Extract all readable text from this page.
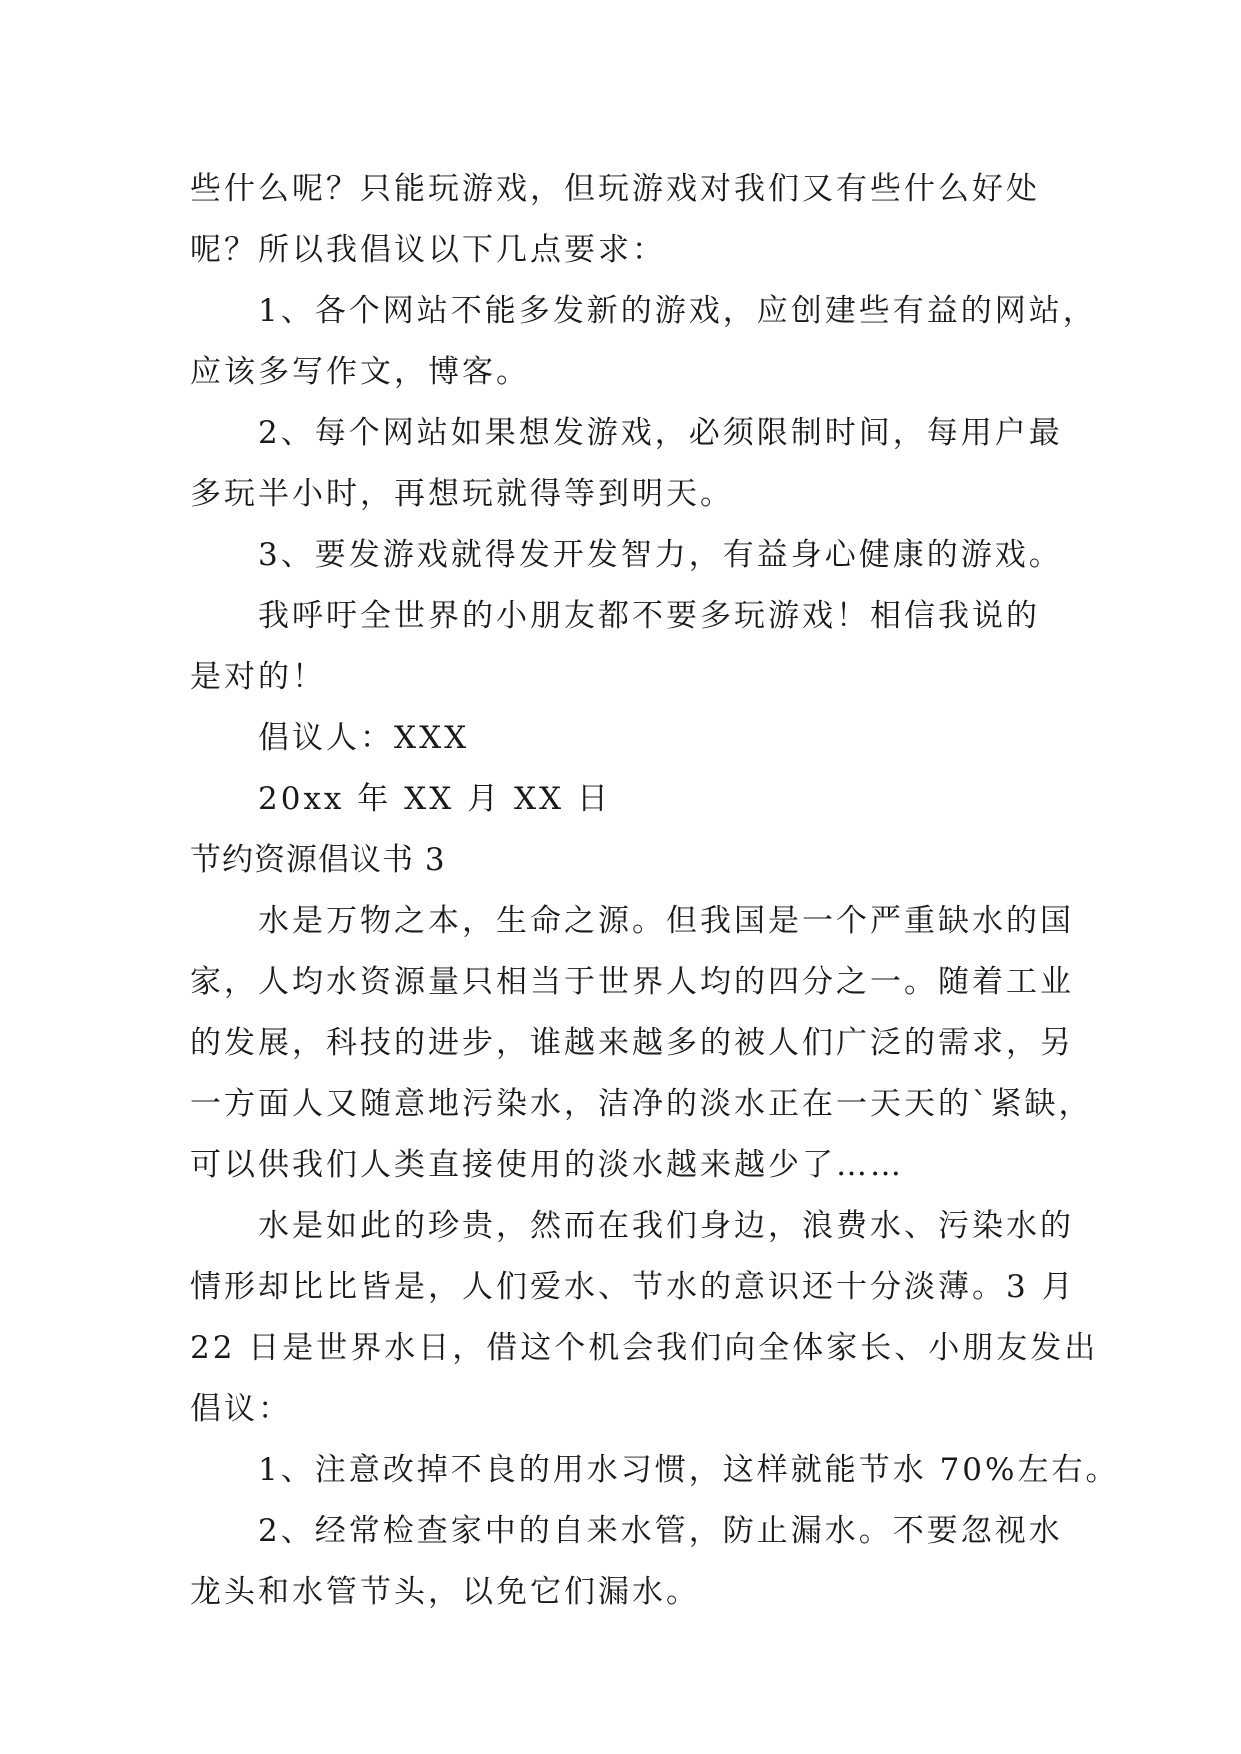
些什么呢？只能玩游戏，但玩游戏对我们又有些什么好处

呢？所以我倡议以下几点要求：

1、各个网站不能多发新的游戏，应创建些有益的网站，

应该多写作文，博客。

2、每个网站如果想发游戏，必须限制时间，每用户最

多玩半小时，再想玩就得等到明天。

3、要发游戏就得发开发智力，有益身心健康的游戏。

我呼吁全世界的小朋友都不要多玩游戏！相信我说的

是对的！

倡议人：XXX

20xx 年 XX 月 XX 日

节约资源倡议书 3

水是万物之本，生命之源。但我国是一个严重缺水的国

家，人均水资源量只相当于世界人均的四分之一。随着工业

的发展，科技的进步，谁越来越多的被人们广泛的需求，另

一方面人又随意地污染水，洁净的淡水正在一天天的`紧缺，

可以供我们人类直接使用的淡水越来越少了……

水是如此的珍贵，然而在我们身边，浪费水、污染水的

情形却比比皆是，人们爱水、节水的意识还十分淡薄。3 月

22 日是世界水日，借这个机会我们向全体家长、小朋友发出

倡议：

1、注意改掉不良的用水习惯，这样就能节水 70%左右。

2、经常检查家中的自来水管，防止漏水。不要忽视水

龙头和水管节头，以免它们漏水。
